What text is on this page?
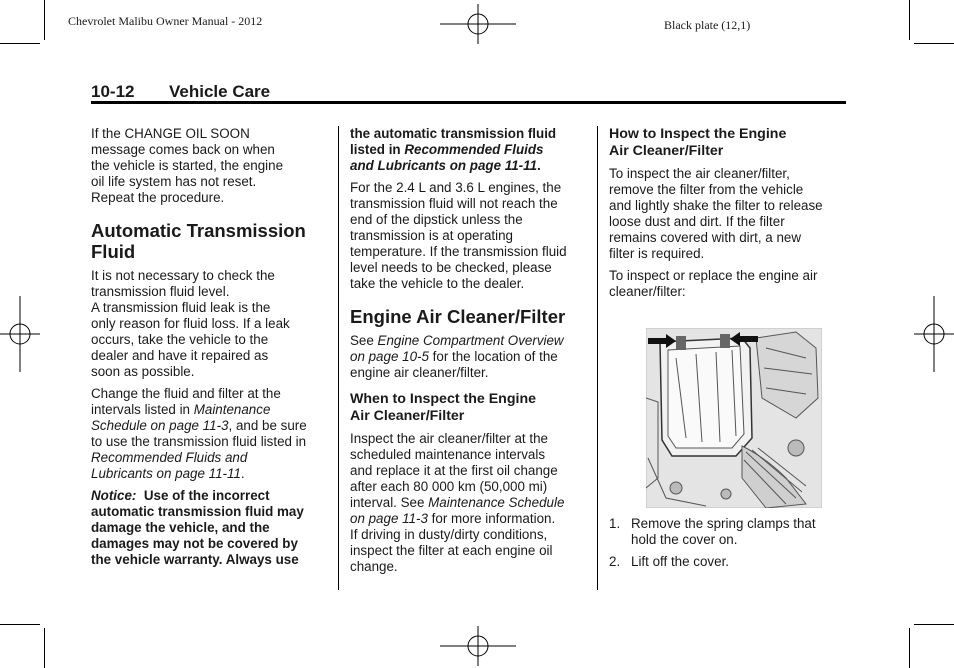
Chevrolet Malibu Owner Manual - 2012	Black plate (12,1)
10-12 Vehicle Care

If the CHANGE OIL SOON
message comes back on when
the vehicle is started, the engine
oil life system has not reset.
Repeat the procedure.

Automatic Transmission
Fluid

It is not necessary to check the
transmission fluid level.
A transmission fluid leak is the
only reason for fluid loss. If a leak
occurs, take the vehicle to the
dealer and have it repaired as
soon as possible.

Change the fluid and filter at the
intervals listed in Maintenance
Schedule on page 11-3, and be sure
to use the transmission fluid listed in
Recommended Fluids and
Lubricants on page 11-11.

Notice:  Use of the incorrect
automatic transmission fluid may
damage the vehicle, and the
damages may not be covered by
the vehicle warranty. Always use

the automatic transmission fluid
listed in Recommended Fluids
and Lubricants on page 11-11.

For the 2.4 L and 3.6 L engines, the
transmission fluid will not reach the
end of the dipstick unless the
transmission is at operating
temperature. If the transmission fluid
level needs to be checked, please
take the vehicle to the dealer.

Engine Air Cleaner/Filter

See Engine Compartment Overview
on page 10-5 for the location of the
engine air cleaner/filter.

When to Inspect the Engine
Air Cleaner/Filter

Inspect the air cleaner/filter at the
scheduled maintenance intervals
and replace it at the first oil change
after each 80 000 km (50,000 mi)
interval. See Maintenance Schedule
on page 11-3 for more information.
If driving in dusty/dirty conditions,
inspect the filter at each engine oil
change.

How to Inspect the Engine
Air Cleaner/Filter

To inspect the air cleaner/filter,
remove the filter from the vehicle
and lightly shake the filter to release
loose dust and dirt. If the filter
remains covered with dirt, a new
filter is required.

To inspect or replace the engine air
cleaner/filter:

1. Remove the spring clamps that
hold the cover on.
2. Lift off the cover.
